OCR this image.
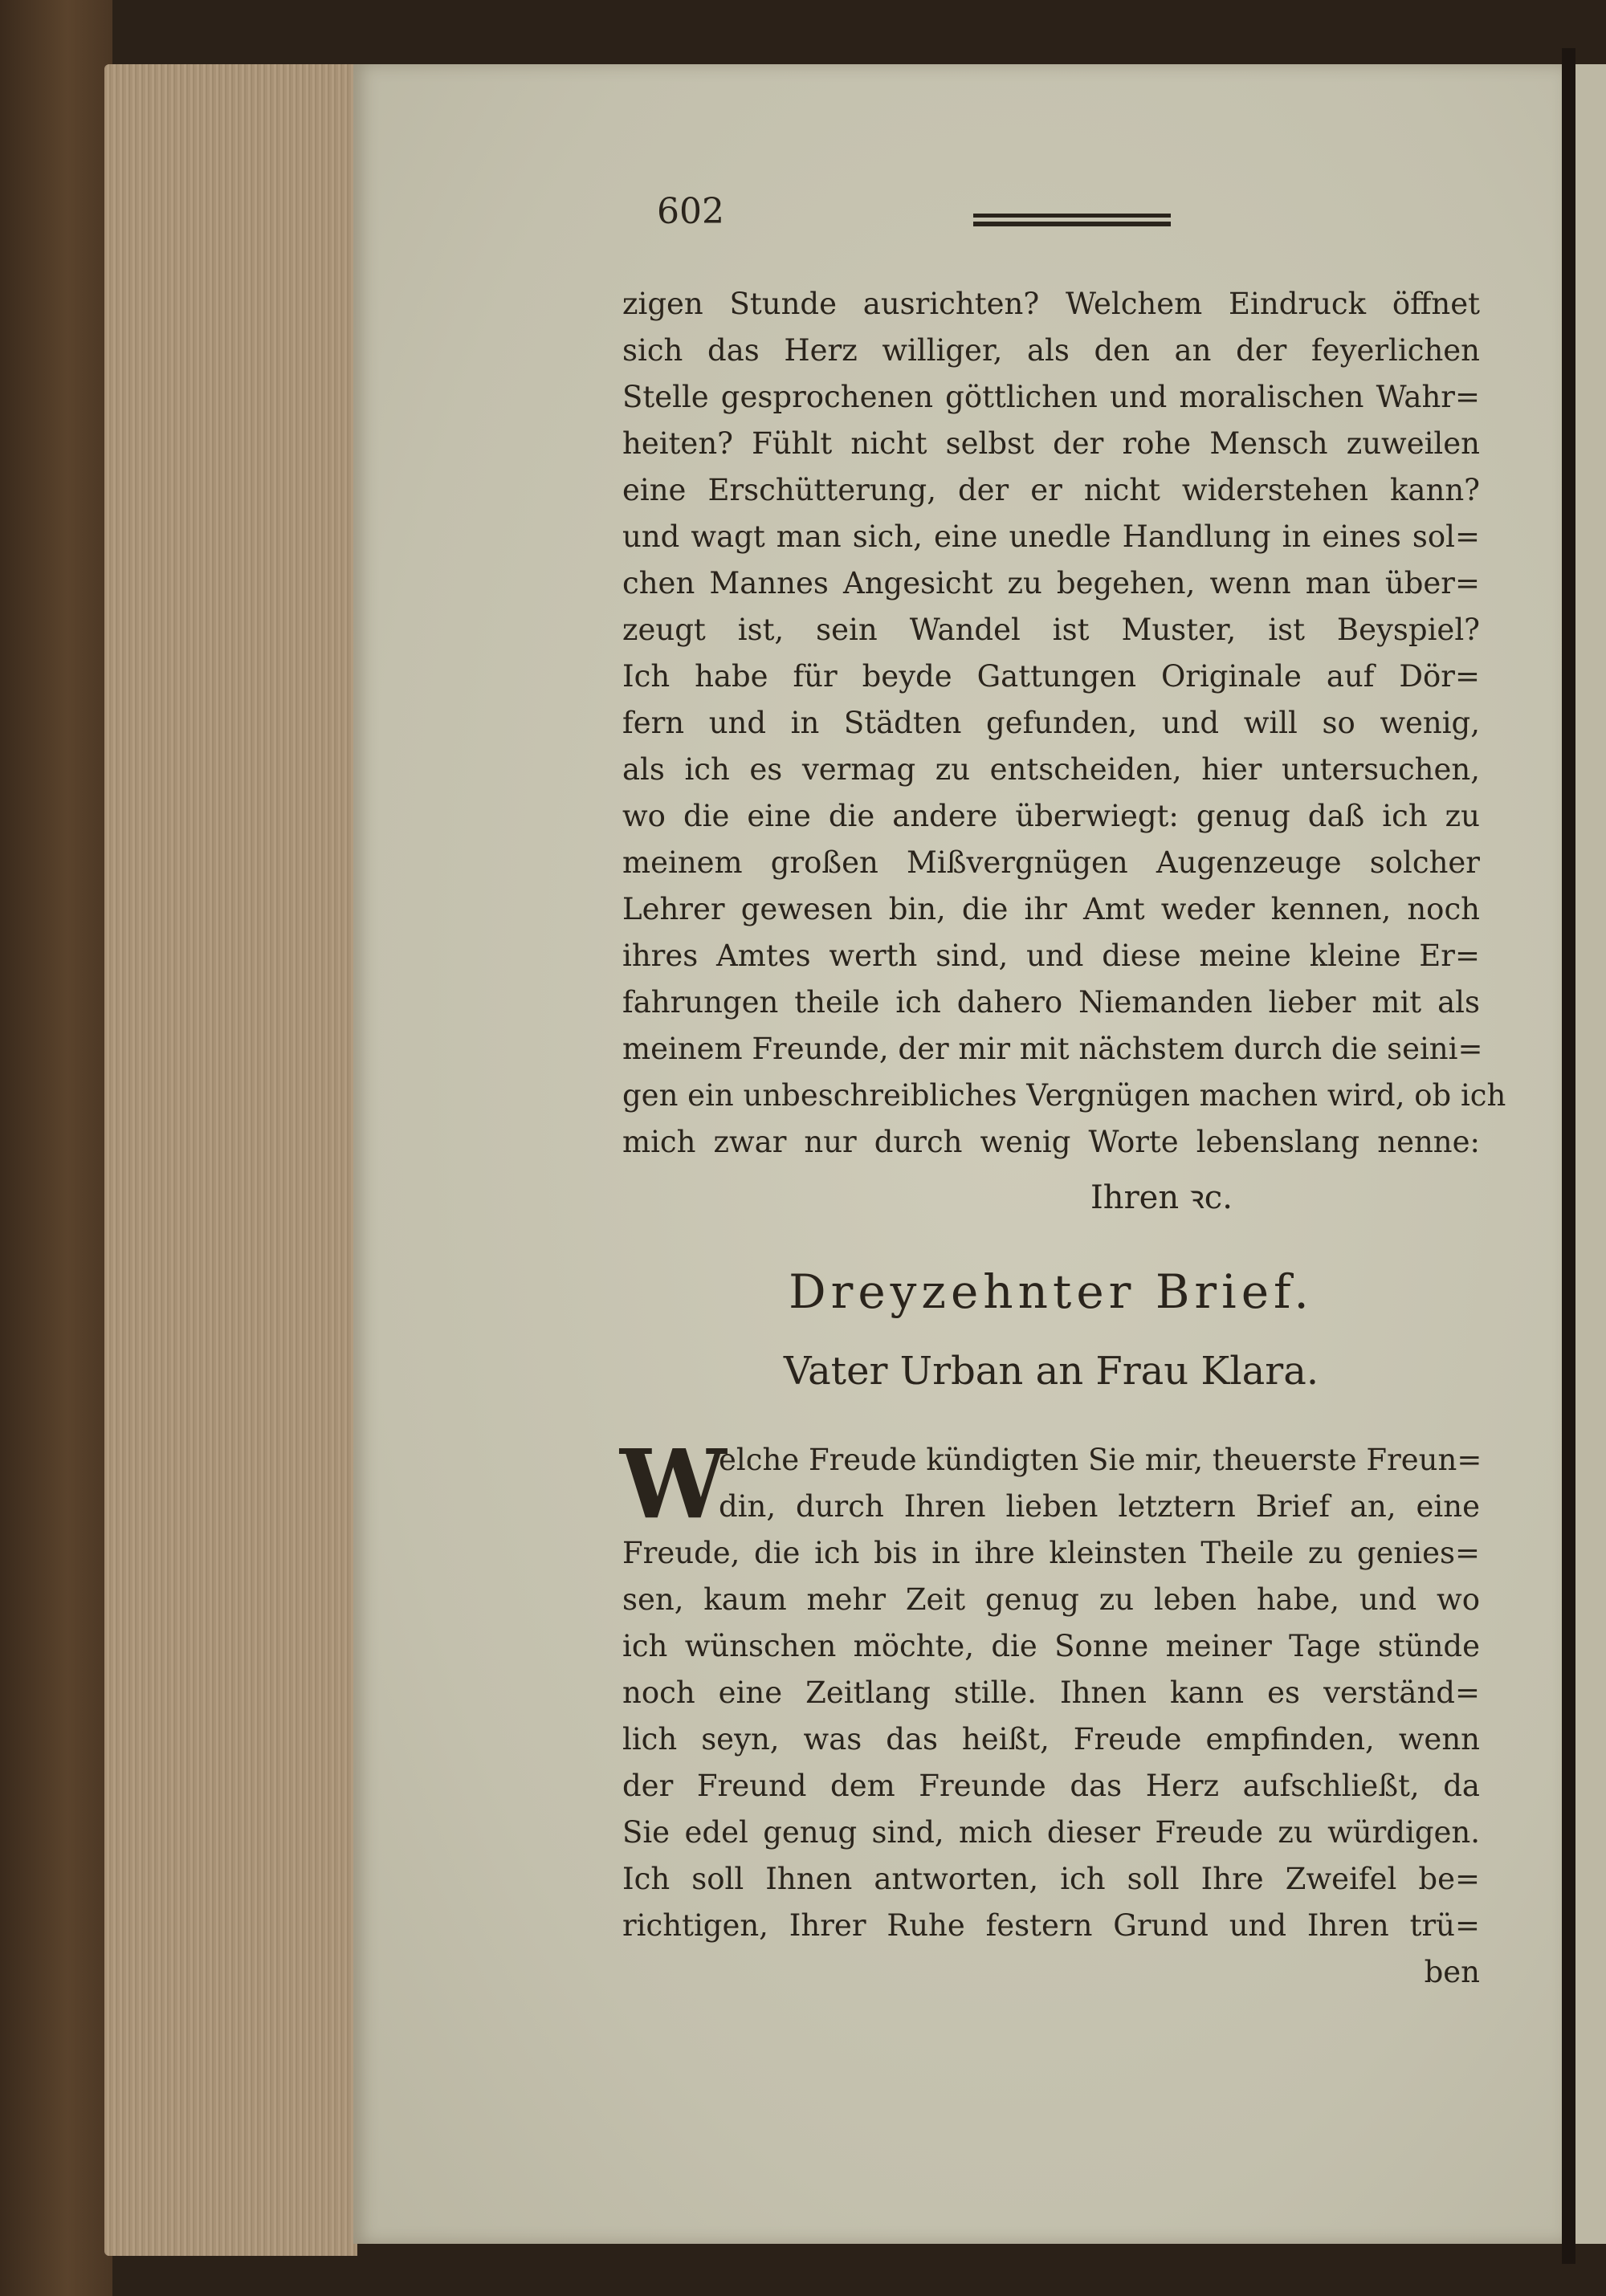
602
zigen Stunde ausrichten? Welchem Eindruck öffnet
sich das Herz williger, als den an der feyerlichen
Stelle gesprochenen göttlichen und moralischen Wahr=
heiten? Fühlt nicht selbst der rohe Mensch zuweilen
eine Erschütterung, der er nicht widerstehen kann?
und wagt man sich, eine unedle Handlung in eines sol=
chen Mannes Angesicht zu begehen, wenn man über=
zeugt ist, sein Wandel ist Muster, ist Beyspiel?
Ich habe für beyde Gattungen Originale auf Dör=
fern und in Städten gefunden, und will so wenig,
als ich es vermag zu entscheiden, hier untersuchen,
wo die eine die andere überwiegt: genug daß ich zu
meinem großen Mißvergnügen Augenzeuge solcher
Lehrer gewesen bin, die ihr Amt weder kennen, noch
ihres Amtes werth sind, und diese meine kleine Er=
fahrungen theile ich dahero Niemanden lieber mit als
meinem Freunde, der mir mit nächstem durch die seini=
gen ein unbeschreibliches Vergnügen machen wird, ob ich
mich zwar nur durch wenig Worte lebenslang nenne:
Ihren ꝛc.
Dreyzehnter Brief.
Vater Urban an Frau Klara.
W
elche Freude kündigten Sie mir, theuerste Freun=
din, durch Ihren lieben letztern Brief an, eine
Freude, die ich bis in ihre kleinsten Theile zu genies=
sen, kaum mehr Zeit genug zu leben habe, und wo
ich wünschen möchte, die Sonne meiner Tage stünde
noch eine Zeitlang stille. Ihnen kann es verständ=
lich seyn, was das heißt, Freude empfinden, wenn
der Freund dem Freunde das Herz aufschließt, da
Sie edel genug sind, mich dieser Freude zu würdigen.
Ich soll Ihnen antworten, ich soll Ihre Zweifel be=
richtigen, Ihrer Ruhe festern Grund und Ihren trü=
ben
